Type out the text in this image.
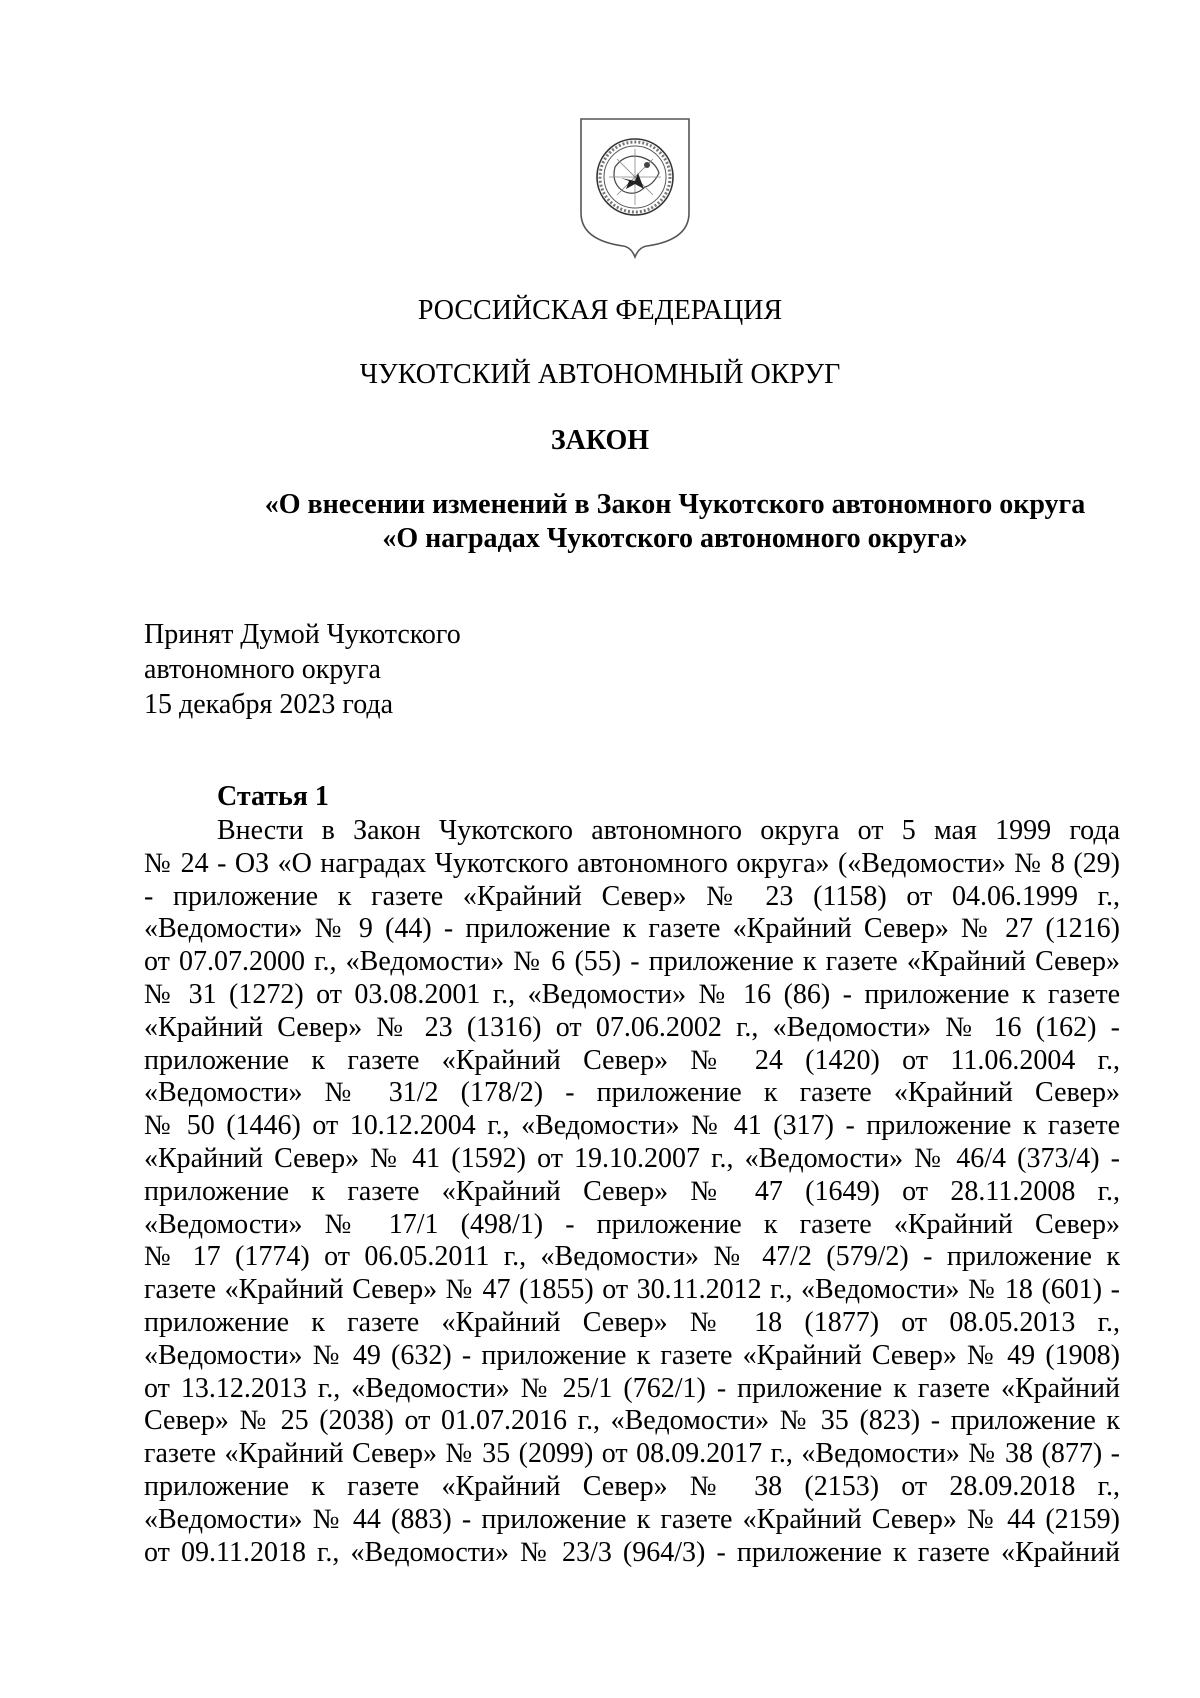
РОССИЙСКАЯ ФЕДЕРАЦИЯ
ЧУКОТСКИЙ АВТОНОМНЫЙ ОКРУГ
ЗАКОН
«О внесении изменений в Закон Чукотского автономного округа
«О наградах Чукотского автономного округа»
Принят Думой Чукотского
автономного округа
15 декабря 2023 года
Статья 1
Внести в Закон Чукотского автономного округа от 5 мая 1999 года
№ 24 - ОЗ «О наградах Чукотского автономного округа» («Ведомости» № 8 (29)
- приложение к газете «Крайний Север» № 23 (1158) от 04.06.1999 г.,
«Ведомости» № 9 (44) - приложение к газете «Крайний Север» № 27 (1216)
от 07.07.2000 г., «Ведомости» № 6 (55) - приложение к газете «Крайний Север»
№ 31 (1272) от 03.08.2001 г., «Ведомости» № 16 (86) - приложение к газете
«Крайний Север» № 23 (1316) от 07.06.2002 г., «Ведомости» № 16 (162) -
приложение к газете «Крайний Север» № 24 (1420) от 11.06.2004 г.,
«Ведомости» № 31/2 (178/2) - приложение к газете «Крайний Север»
№ 50 (1446) от 10.12.2004 г., «Ведомости» № 41 (317) - приложение к газете
«Крайний Север» № 41 (1592) от 19.10.2007 г., «Ведомости» № 46/4 (373/4) -
приложение к газете «Крайний Север» № 47 (1649) от 28.11.2008 г.,
«Ведомости» № 17/1 (498/1) - приложение к газете «Крайний Север»
№ 17 (1774) от 06.05.2011 г., «Ведомости» № 47/2 (579/2) - приложение к
газете «Крайний Север» № 47 (1855) от 30.11.2012 г., «Ведомости» № 18 (601) -
приложение к газете «Крайний Север» № 18 (1877) от 08.05.2013 г.,
«Ведомости» № 49 (632) - приложение к газете «Крайний Север» № 49 (1908)
от 13.12.2013 г., «Ведомости» № 25/1 (762/1) - приложение к газете «Крайний
Север» № 25 (2038) от 01.07.2016 г., «Ведомости» № 35 (823) - приложение к
газете «Крайний Север» № 35 (2099) от 08.09.2017 г., «Ведомости» № 38 (877) -
приложение к газете «Крайний Север» № 38 (2153) от 28.09.2018 г.,
«Ведомости» № 44 (883) - приложение к газете «Крайний Север» № 44 (2159)
от 09.11.2018 г., «Ведомости» № 23/3 (964/3) - приложение к газете «Крайний
